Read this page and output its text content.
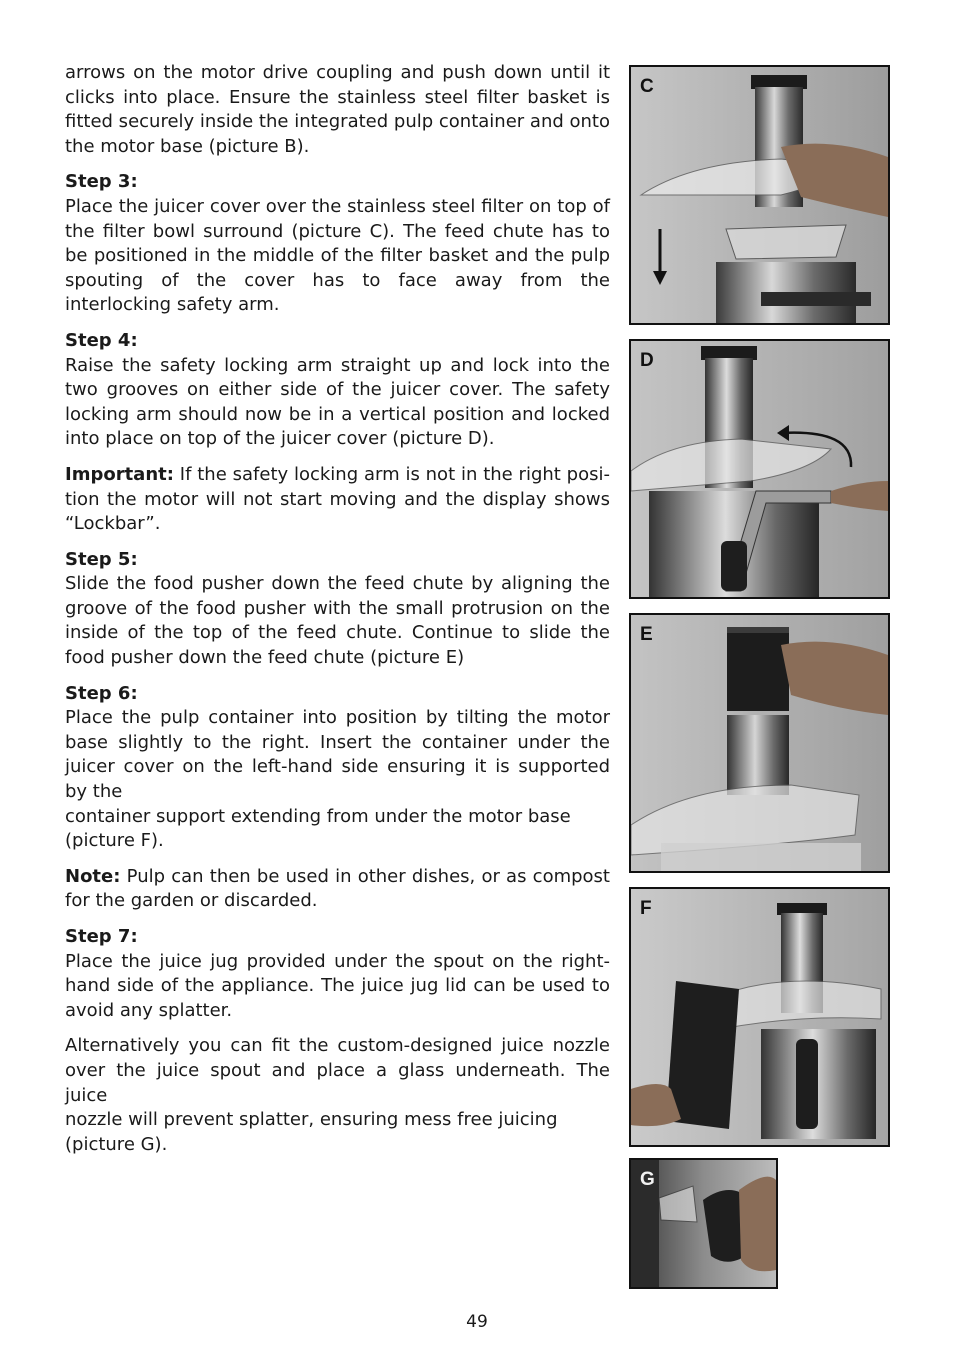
arrows on the motor drive coupling and push down until it clicks into place. Ensure the stainless steel filter basket is fitted securely inside the integrated pulp container and onto the motor base (picture B).

Step 3:
Place the juicer cover over the stainless steel filter on top of the filter bowl surround (picture C). The feed chute has to be positioned in the middle of the filter basket and the pulp spouting of the cover has to face away from the interlocking safety arm.

Step 4:
Raise the safety locking arm straight up and lock into the two grooves on either side of the juicer cover. The safety locking arm should now be in a vertical position and locked into place on top of the juicer cover (picture D).

Important: If the safety locking arm is not in the right posi-tion the motor will not start moving and the display shows “Lockbar”.

Step 5:
Slide the food pusher down the feed chute by aligning the groove of the food pusher with the small protrusion on the inside of the top of the feed chute. Continue to slide the food pusher down the feed chute (picture E)

Step 6:
Place the pulp container into position by tilting the motor base slightly to the right. Insert the container under the juicer cover on the left-hand side ensuring it is supported by the
container support extending from under the motor base (picture F).

Note: Pulp can then be used in other dishes, or as compost for the garden or discarded.

Step 7:
Place the juice jug provided under the spout on the right-hand side of the appliance. The juice jug lid can be used to avoid any splatter.

Alternatively you can fit the custom-designed juice nozzle over the juice spout and place a glass underneath. The juice
nozzle will prevent splatter, ensuring mess free juicing (picture G).

C
D
E
F
G
49
